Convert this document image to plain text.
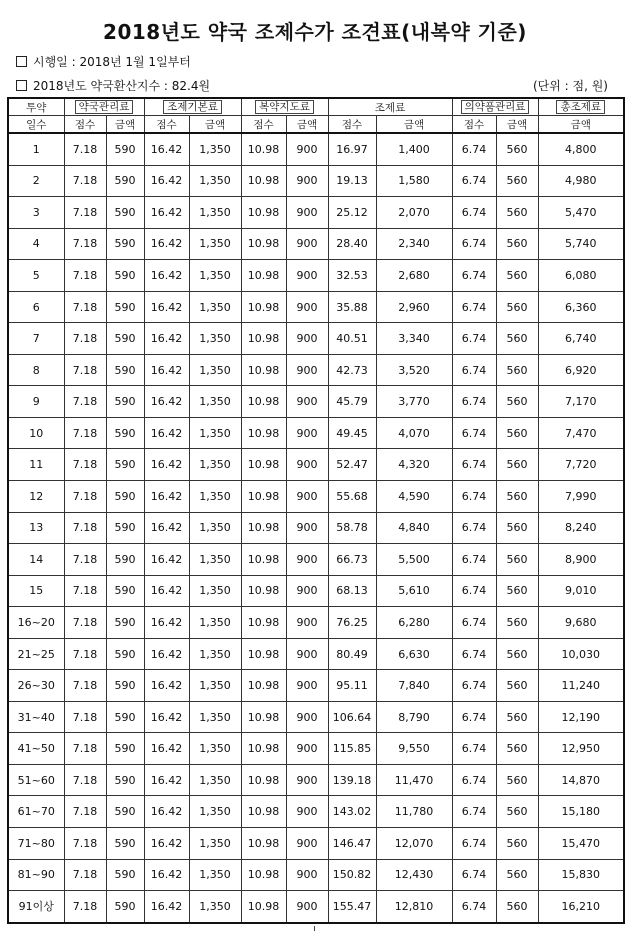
2018년도 약국 조제수가 조견표(내복약 기준)
시행일 : 2018년 1월 1일부터
2018년도 약국환산지수 : 82.4원	(단위 : 점, 원)
투약	약국관리료		조제기본료		복약지도료		조제료		의약품관리료		총조제료
일수	점수	금액	점수	금액	점수	금액	점수	금액	점수	금액	금액
1	7.18	590	16.42	1,350	10.98	900	16.97	1,400	6.74	560	4,800
2	7.18	590	16.42	1,350	10.98	900	19.13	1,580	6.74	560	4,980
3	7.18	590	16.42	1,350	10.98	900	25.12	2,070	6.74	560	5,470
4	7.18	590	16.42	1,350	10.98	900	28.40	2,340	6.74	560	5,740
5	7.18	590	16.42	1,350	10.98	900	32.53	2,680	6.74	560	6,080
6	7.18	590	16.42	1,350	10.98	900	35.88	2,960	6.74	560	6,360
7	7.18	590	16.42	1,350	10.98	900	40.51	3,340	6.74	560	6,740
8	7.18	590	16.42	1,350	10.98	900	42.73	3,520	6.74	560	6,920
9	7.18	590	16.42	1,350	10.98	900	45.79	3,770	6.74	560	7,170
10	7.18	590	16.42	1,350	10.98	900	49.45	4,070	6.74	560	7,470
11	7.18	590	16.42	1,350	10.98	900	52.47	4,320	6.74	560	7,720
12	7.18	590	16.42	1,350	10.98	900	55.68	4,590	6.74	560	7,990
13	7.18	590	16.42	1,350	10.98	900	58.78	4,840	6.74	560	8,240
14	7.18	590	16.42	1,350	10.98	900	66.73	5,500	6.74	560	8,900
15	7.18	590	16.42	1,350	10.98	900	68.13	5,610	6.74	560	9,010
16~20	7.18	590	16.42	1,350	10.98	900	76.25	6,280	6.74	560	9,680
21~25	7.18	590	16.42	1,350	10.98	900	80.49	6,630	6.74	560	10,030
26~30	7.18	590	16.42	1,350	10.98	900	95.11	7,840	6.74	560	11,240
31~40	7.18	590	16.42	1,350	10.98	900	106.64	8,790	6.74	560	12,190
41~50	7.18	590	16.42	1,350	10.98	900	115.85	9,550	6.74	560	12,950
51~60	7.18	590	16.42	1,350	10.98	900	139.18	11,470	6.74	560	14,870
61~70	7.18	590	16.42	1,350	10.98	900	143.02	11,780	6.74	560	15,180
71~80	7.18	590	16.42	1,350	10.98	900	146.47	12,070	6.74	560	15,470
81~90	7.18	590	16.42	1,350	10.98	900	150.82	12,430	6.74	560	15,830
91이상	7.18	590	16.42	1,350	10.98	900	155.47	12,810	6.74	560	16,210
